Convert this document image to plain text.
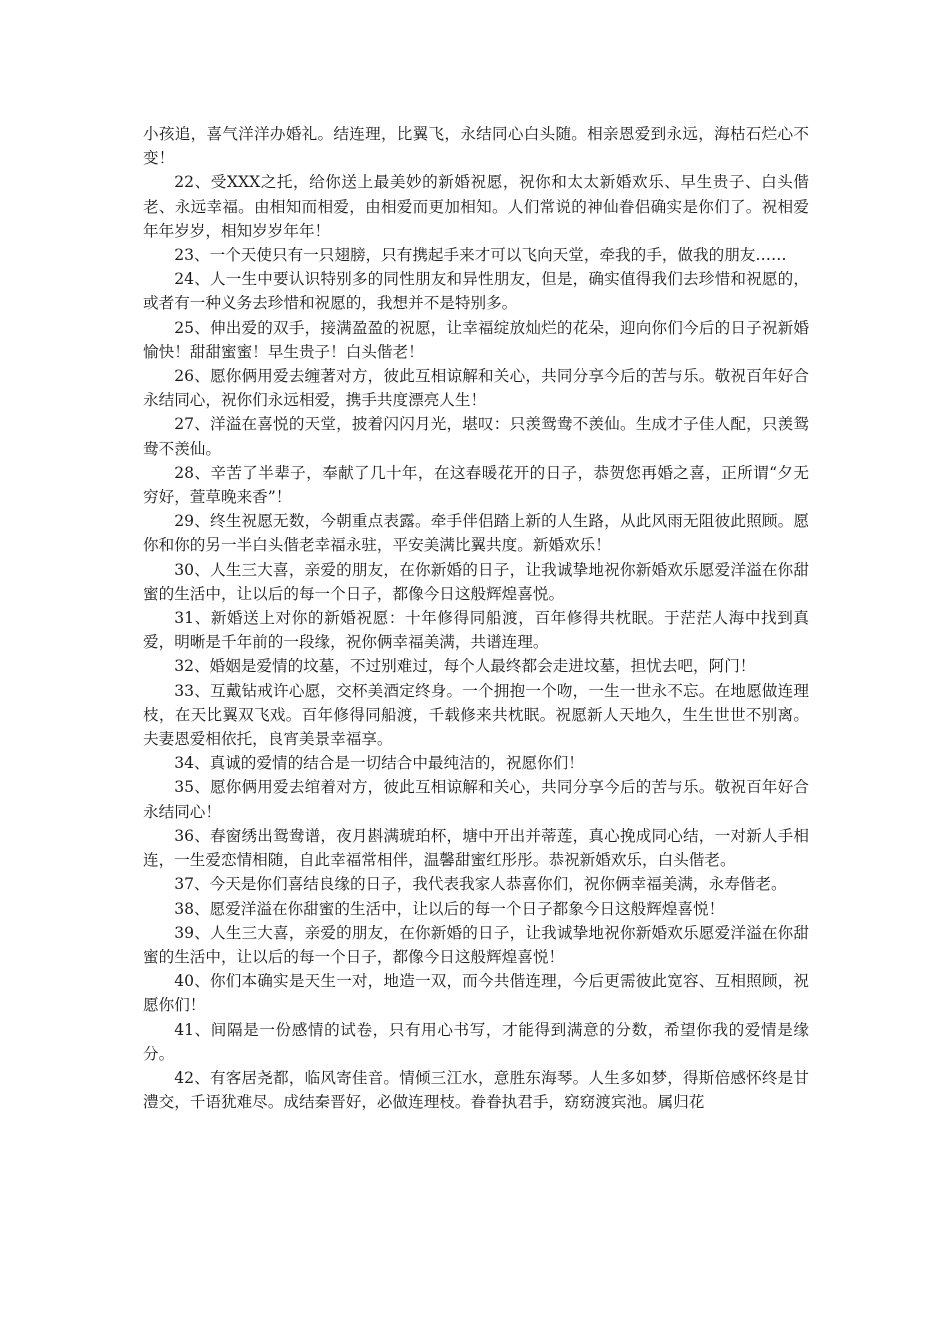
小孩追，喜气洋洋办婚礼。结连理，比翼飞，永结同心白头随。相亲恩爱到永远，海枯石烂心不变！

22、受XXX之托，给你送上最美妙的新婚祝愿，祝你和太太新婚欢乐、早生贵子、白头偕老、永远幸福。由相知而相爱，由相爱而更加相知。人们常说的神仙眷侣确实是你们了。祝相爱年年岁岁，相知岁岁年年！

23、一个天使只有一只翅膀，只有携起手来才可以飞向天堂，牵我的手，做我的朋友……

24、人一生中要认识特别多的同性朋友和异性朋友，但是，确实值得我们去珍惜和祝愿的，或者有一种义务去珍惜和祝愿的，我想并不是特别多。

25、伸出爱的双手，接满盈盈的祝愿，让幸福绽放灿烂的花朵，迎向你们今后的日子祝新婚愉快！甜甜蜜蜜！早生贵子！白头偕老！

26、愿你俩用爱去缠著对方，彼此互相谅解和关心，共同分享今后的苦与乐。敬祝百年好合永结同心，祝你们永远相爱，携手共度漂亮人生！

27、洋溢在喜悦的天堂，披着闪闪月光，堪叹：只羡鸳鸯不羡仙。生成才子佳人配，只羡鸳鸯不羡仙。

28、辛苦了半辈子，奉献了几十年，在这春暖花开的日子，恭贺您再婚之喜，正所谓“夕无穷好，萱草晚来香”！

29、终生祝愿无数，今朝重点表露。牵手伴侣踏上新的人生路，从此风雨无阻彼此照顾。愿你和你的另一半白头偕老幸福永驻，平安美满比翼共度。新婚欢乐！

30、人生三大喜，亲爱的朋友，在你新婚的日子，让我诚挚地祝你新婚欢乐愿爱洋溢在你甜蜜的生活中，让以后的每一个日子，都像今日这般辉煌喜悦。

31、新婚送上对你的新婚祝愿：十年修得同船渡，百年修得共枕眠。于茫茫人海中找到真爱，明晰是千年前的一段缘，祝你俩幸福美满，共谱连理。

32、婚姻是爱情的坟墓，不过别难过，每个人最终都会走进坟墓，担忧去吧，阿门！

33、互戴钻戒许心愿，交杯美酒定终身。一个拥抱一个吻，一生一世永不忘。在地愿做连理枝，在天比翼双飞戏。百年修得同船渡，千载修来共枕眠。祝愿新人天地久，生生世世不别离。夫妻恩爱相依托，良宵美景幸福享。

34、真诚的爱情的结合是一切结合中最纯洁的，祝愿你们！

35、愿你俩用爱去绾着对方，彼此互相谅解和关心，共同分享今后的苦与乐。敬祝百年好合永结同心！

36、春窗绣出鸳鸯谱，夜月斟满琥珀杯，塘中开出并蒂莲，真心挽成同心结，一对新人手相连，一生爱恋情相随，自此幸福常相伴，温馨甜蜜红彤彤。恭祝新婚欢乐，白头偕老。

37、今天是你们喜结良缘的日子，我代表我家人恭喜你们，祝你俩幸福美满，永寿偕老。

38、愿爱洋溢在你甜蜜的生活中，让以后的每一个日子都象今日这般辉煌喜悦！

39、人生三大喜，亲爱的朋友，在你新婚的日子，让我诚挚地祝你新婚欢乐愿爱洋溢在你甜蜜的生活中，让以后的每一个日子，都像今日这般辉煌喜悦！

40、你们本确实是天生一对，地造一双，而今共偕连理，今后更需彼此宽容、互相照顾，祝愿你们！

41、间隔是一份感情的试卷，只有用心书写，才能得到满意的分数，希望你我的爱情是缘分。

42、有客居尧都，临风寄佳音。情倾三江水，意胜东海琴。人生多如梦，得斯倍感怀终是甘澧交，千语犹难尽。成结秦晋好，必做连理枝。眷眷执君手，窈窈渡宾池。属归花
